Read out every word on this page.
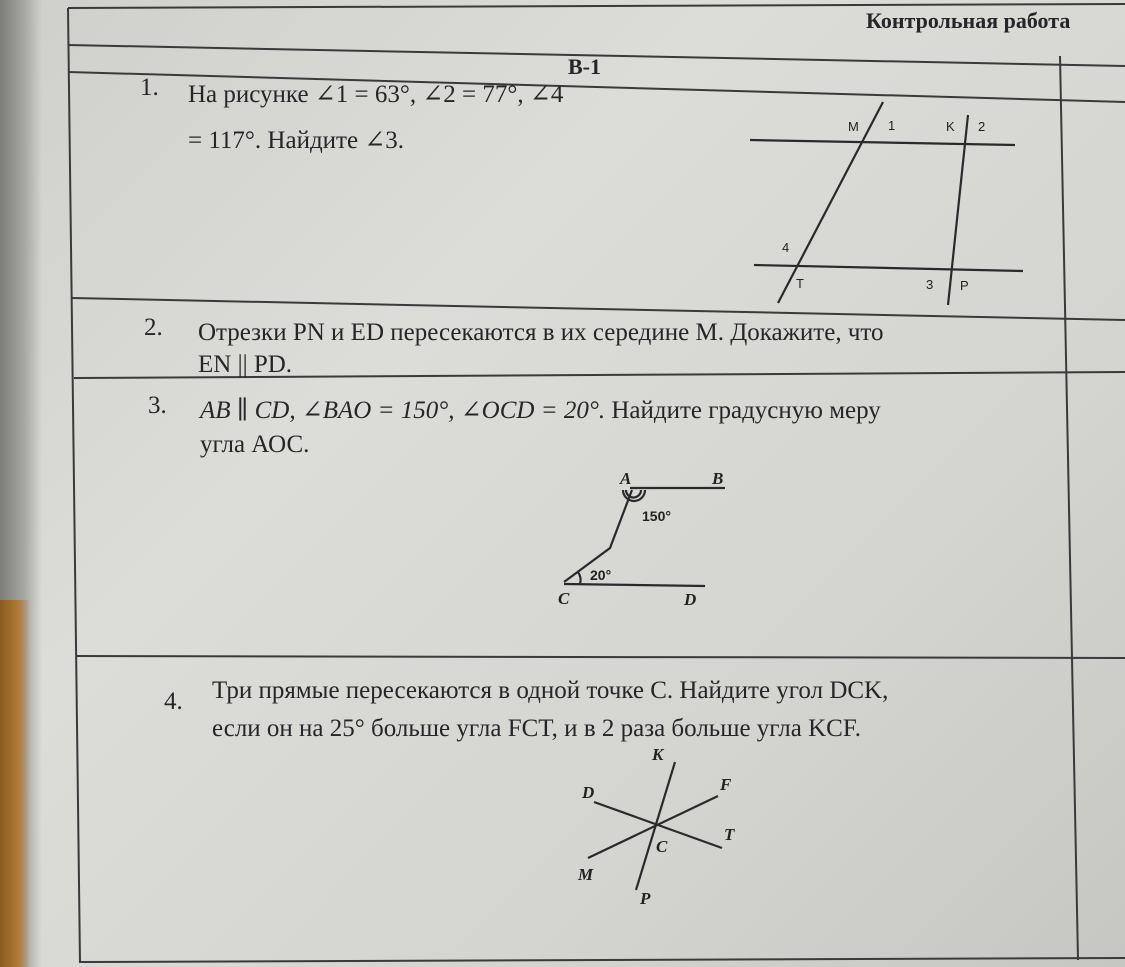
Контрольная работа
В-1
1. На рисунке ∠1 = 63°, ∠2 = 77°, ∠4
= 117°. Найдите ∠3.
M 1	K 2
4
T	3 P
2. Отрезки PN и ED пересекаются в их середине M. Докажите, что
EN || PD.
3. AB ∥ CD, ∠BAO = 150°, ∠OCD = 20°. Найдите градусную меру
угла АОС.
A	B
150°
20°
C	D
4. Три прямые пересекаются в одной точке С. Найдите угол DCK,
если он на 25° больше угла FCT, и в 2 раза больше угла KCF.
K
F
D
T
C
M
P
